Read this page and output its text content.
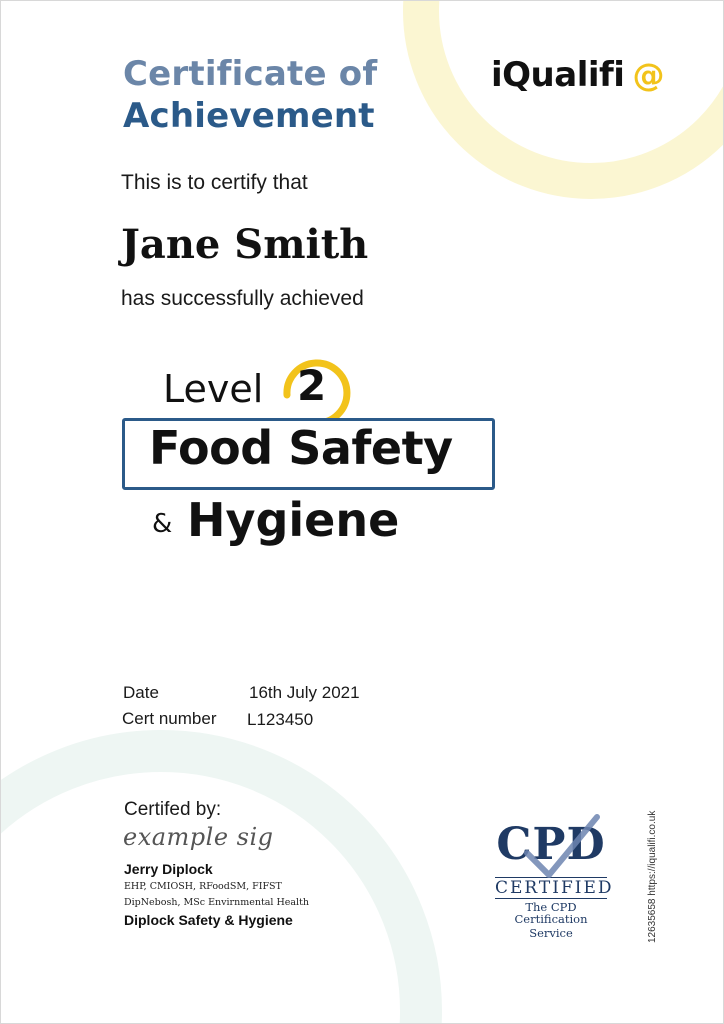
Certificate of
Achievement
iQualifi @
This is to certify that
Jane Smith
has successfully achieved
Level 2
Food Safety
& Hygiene
Date	16th July 2021
Cert number L123450
Certifed by:
example sig
Jerry Diplock
EHP, CMIOSH, RFoodSM, FIFST
DipNebosh, MSc Envirnmental Health
Diplock Safety & Hygiene
CPD
CERTIFIED
The CPD Certification
Service	12635658 https://iqualifi.co.uk
